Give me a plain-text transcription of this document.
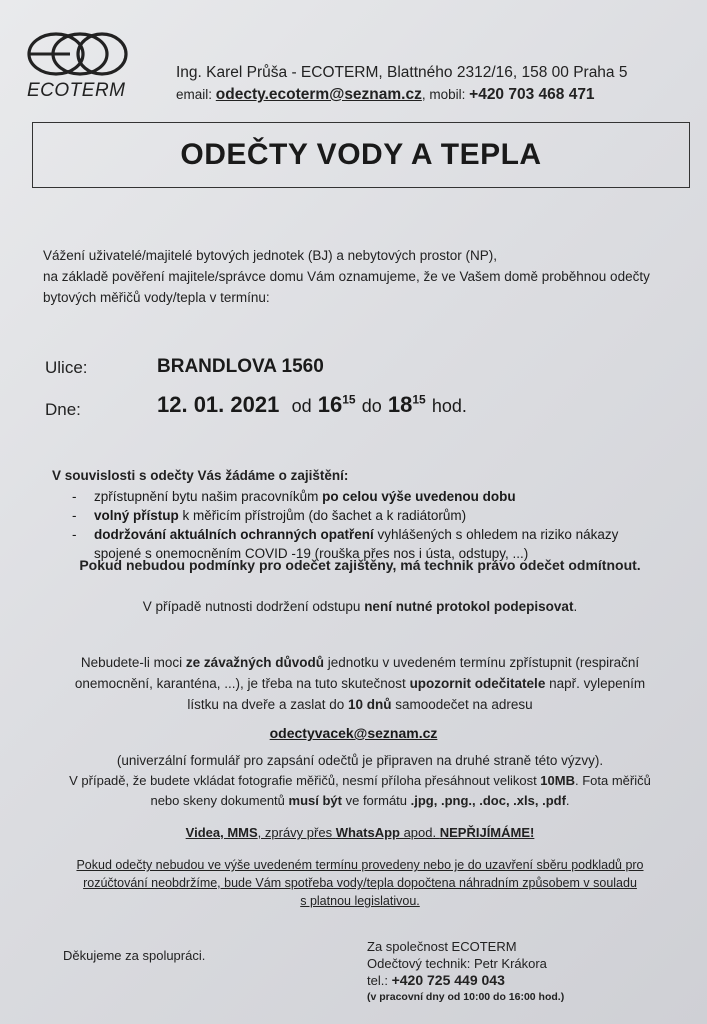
ECOTERM
Ing. Karel Průša - ECOTERM, Blattného 2312/16, 158 00 Praha 5
email: odecty.ecoterm@seznam.cz, mobil: +420 703 468 471
ODEČTY VODY A TEPLA
Vážení uživatelé/majitelé bytových jednotek (BJ) a nebytových prostor (NP),
na základě pověření majitele/správce domu Vám oznamujeme, že ve Vašem domě proběhnou odečty
bytových měřičů vody/tepla v termínu:
Ulice:	BRANDLOVA 1560
Dne:	12. 01. 2021 od $16^{15}$ do $18^{15}$ hod.
V souvislosti s odečty Vás žádáme o zajištění:
- zpřístupnění bytu našim pracovníkům po celou výše uvedenou dobu
- volný přístup k měřicím přístrojům (do šachet a k radiátorům)
- dodržování aktuálních ochranných opatření vyhlášených s ohledem na riziko nákazy
spojené s onemocněním COVID -19 (rouška přes nos i ústa, odstupy, ...)
Pokud nebudou podmínky pro odečet zajištěny, má technik právo odečet odmítnout.
V případě nutnosti dodržení odstupu není nutné protokol podepisovat.
Nebudete-li moci ze závažných důvodů jednotku v uvedeném termínu zpřístupnit (respirační
onemocnění, karanténa, ...), je třeba na tuto skutečnost upozornit odečitatele např. vylepením
lístku na dveře a zaslat do 10 dnů samoodečet na adresu
odectyvacek@seznam.cz
(univerzální formulář pro zapsání odečtů je připraven na druhé straně této výzvy).
V případě, že budete vkládat fotografie měřičů, nesmí příloha přesáhnout velikost 10MB. Fota měřičů
nebo skeny dokumentů musí být ve formátu .jpg, .png., .doc, .xls, .pdf.
Videa, MMS, zprávy přes WhatsApp apod. NEPŘIJÍMÁME!
Pokud odečty nebudou ve výše uvedeném termínu provedeny nebo je do uzavření sběru podkladů pro
rozúčtování neobdržíme, bude Vám spotřeba vody/tepla dopočtena náhradním způsobem v souladu
s platnou legislativou.
Děkujeme za spolupráci.
Za společnost ECOTERM
Odečtový technik: Petr Krákora
tel.: +420 725 449 043
(v pracovní dny od 10:00 do 16:00 hod.)
